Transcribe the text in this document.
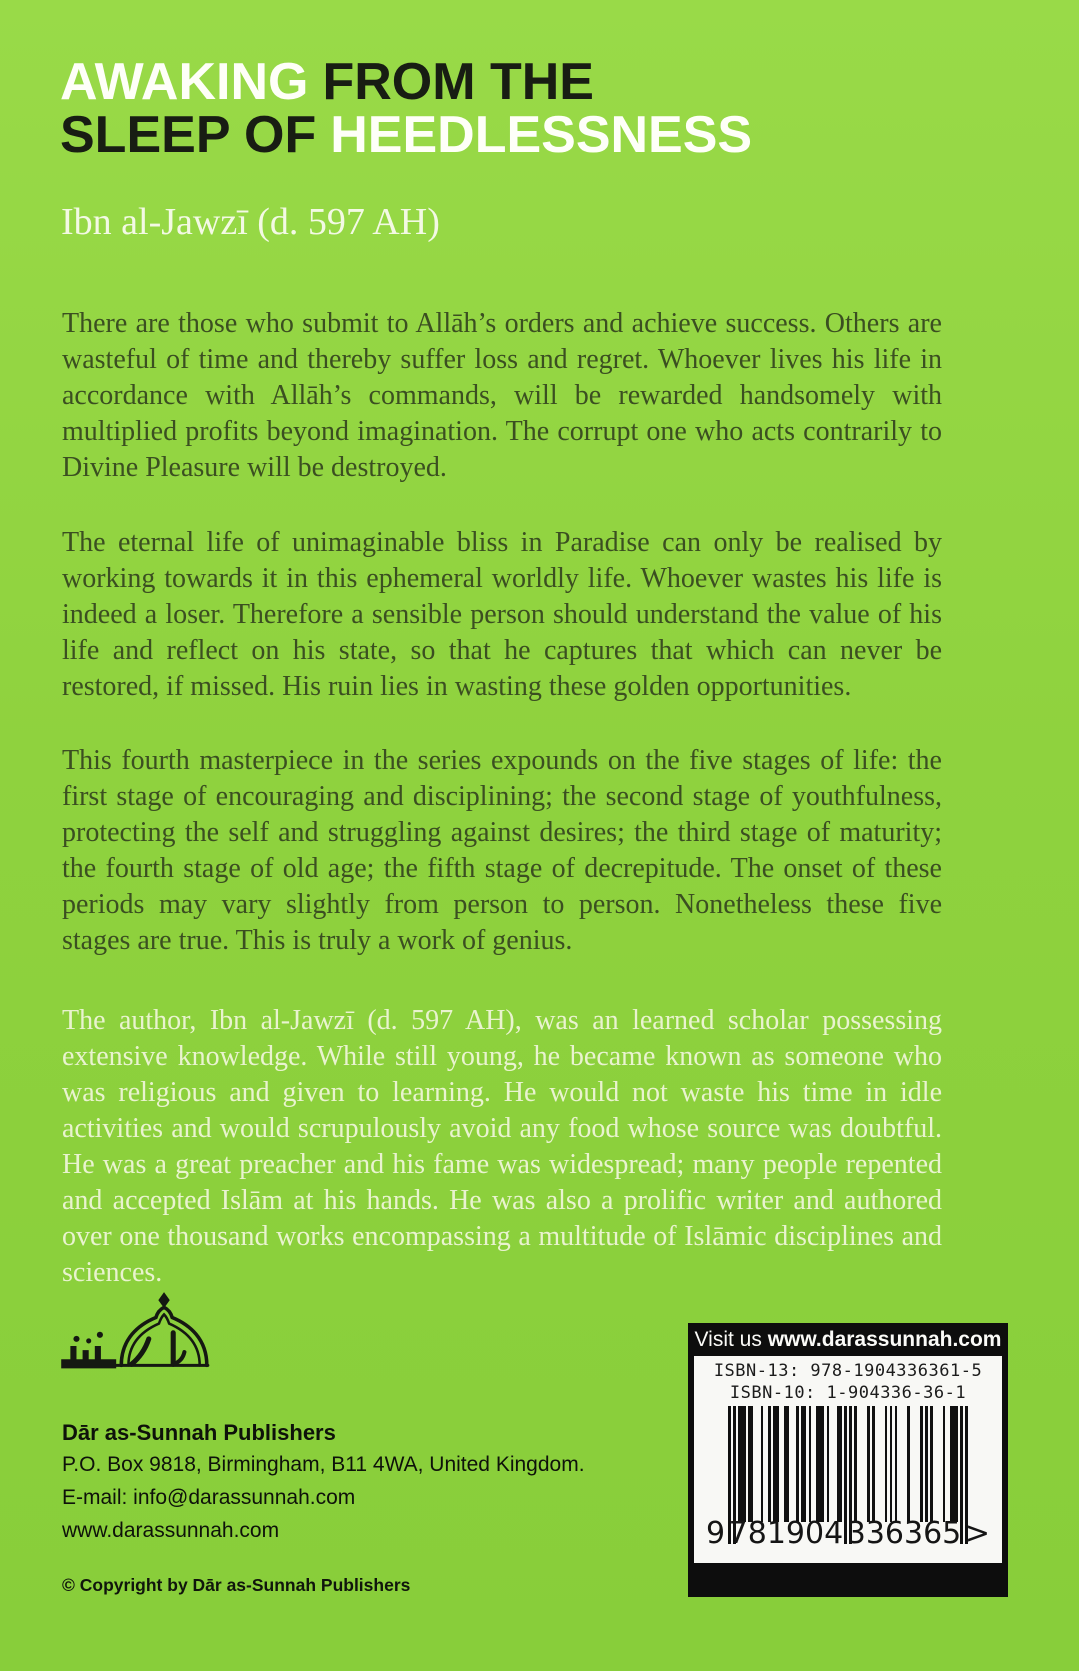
AWAKING FROM THE
SLEEP OF HEEDLESSNESS
Ibn al-Jawzī (d. 597 AH)
There are those who submit to Allāh’s orders and achieve success. Others are wasteful of time and thereby suffer loss and regret. Whoever lives his life in accordance with Allāh’s commands, will be rewarded handsomely with multiplied profits beyond imagination. The corrupt one who acts contrarily to Divine Pleasure will be destroyed.
The eternal life of unimaginable bliss in Paradise can only be realised by working towards it in this ephemeral worldly life. Whoever wastes his life is indeed a loser. Therefore a sensible person should understand the value of his life and reflect on his state, so that he captures that which can never be restored, if missed. His ruin lies in wasting these golden opportunities.
This fourth masterpiece in the series expounds on the five stages of life: the first stage of encouraging and disciplining; the second stage of youthfulness, protecting the self and struggling against desires; the third stage of maturity; the fourth stage of old age; the fifth stage of decrepitude. The onset of these periods may vary slightly from person to person. Nonetheless these five stages are true. This is truly a work of genius.
The author, Ibn al-Jawzī (d. 597 AH), was an learned scholar possessing extensive knowledge. While still young, he became known as someone who was religious and given to learning. He would not waste his time in idle activities and would scrupulously avoid any food whose source was doubtful. He was a great preacher and his fame was widespread; many people repented and accepted Islām at his hands. He was also a prolific writer and authored over one thousand works encompassing a multitude of Islāmic disciplines and sciences.
Dār as-Sunnah Publishers
P.O. Box 9818, Birmingham, B11 4WA, United Kingdom.
E-mail: info@darassunnah.com
www.darassunnah.com
© Copyright by Dār as-Sunnah Publishers
Visit us www.darassunnah.com
ISBN-13: 978-1904336361-5
ISBN-10: 1-904336-36-1
9 781904 336365 >
